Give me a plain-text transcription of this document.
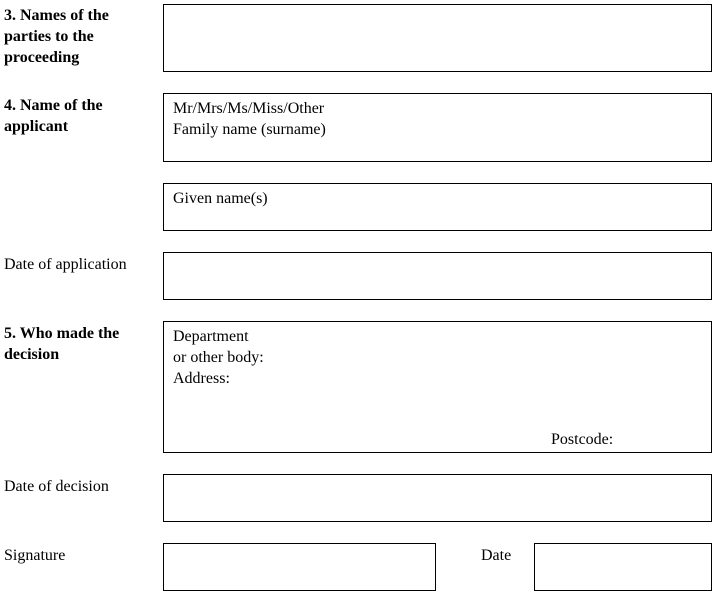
3. Names of the
parties to the
proceeding
4. Name of the
applicant
Mr/Mrs/Ms/Miss/Other
Family name (surname)
Given name(s)
Date of application
5. Who made the
decision
Department
or other body:
Address:
Postcode:
Date of decision
Signature	Date
